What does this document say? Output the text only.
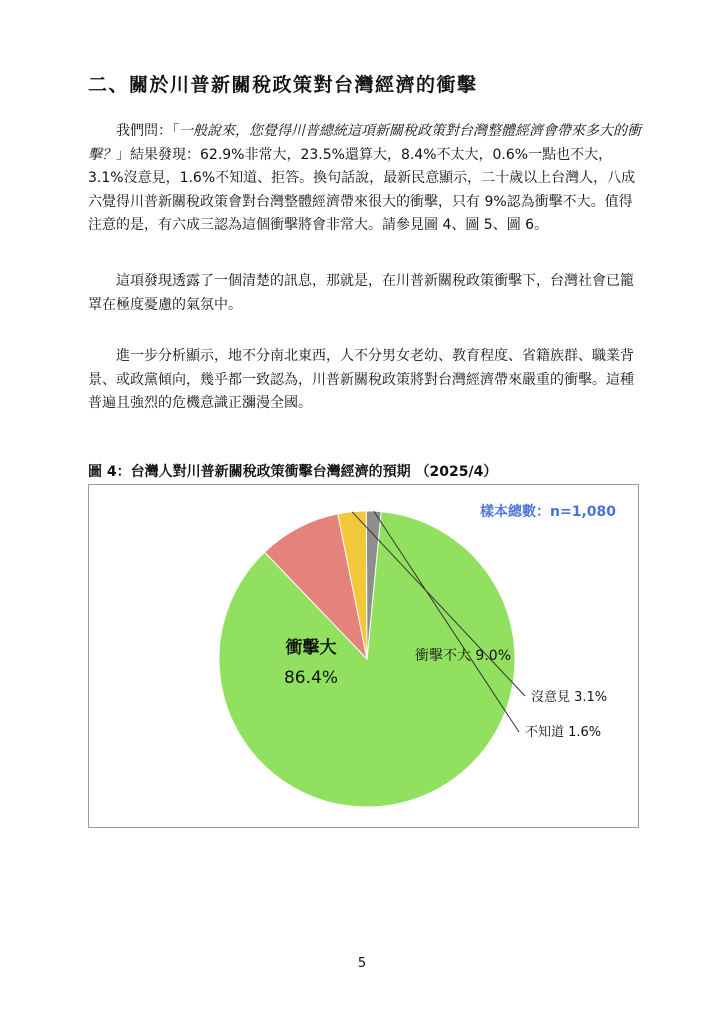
二、關於川普新關稅政策對台灣經濟的衝擊
我們問：「一般說來，您覺得川普總統這項新關稅政策對台灣整體經濟會帶來多大的衝擊？」結果發現：62.9%非常大，23.5%還算大，8.4%不太大，0.6%一點也不大，3.1%沒意見，1.6%不知道、拒答。換句話說，最新民意顯示，二十歲以上台灣人，八成六覺得川普新關稅政策會對台灣整體經濟帶來很大的衝擊，只有 9%認為衝擊不大。值得注意的是，有六成三認為這個衝擊將會非常大。請參見圖 4、圖 5、圖 6。
這項發現透露了一個清楚的訊息，那就是，在川普新關稅政策衝擊下，台灣社會已籠罩在極度憂慮的氣氛中。
進一步分析顯示，地不分南北東西，人不分男女老幼、教育程度、省籍族群、職業背景、或政黨傾向，幾乎都一致認為，川普新關稅政策將對台灣經濟帶來嚴重的衝擊。這種普遍且強烈的危機意識正瀰漫全國。
圖 4：台灣人對川普新關稅政策衝擊台灣經濟的預期 （2025/4）
樣本總數：n=1,080
衝擊大
86.4%
衝擊不大 9.0%
沒意見 3.1%
不知道 1.6%
5
